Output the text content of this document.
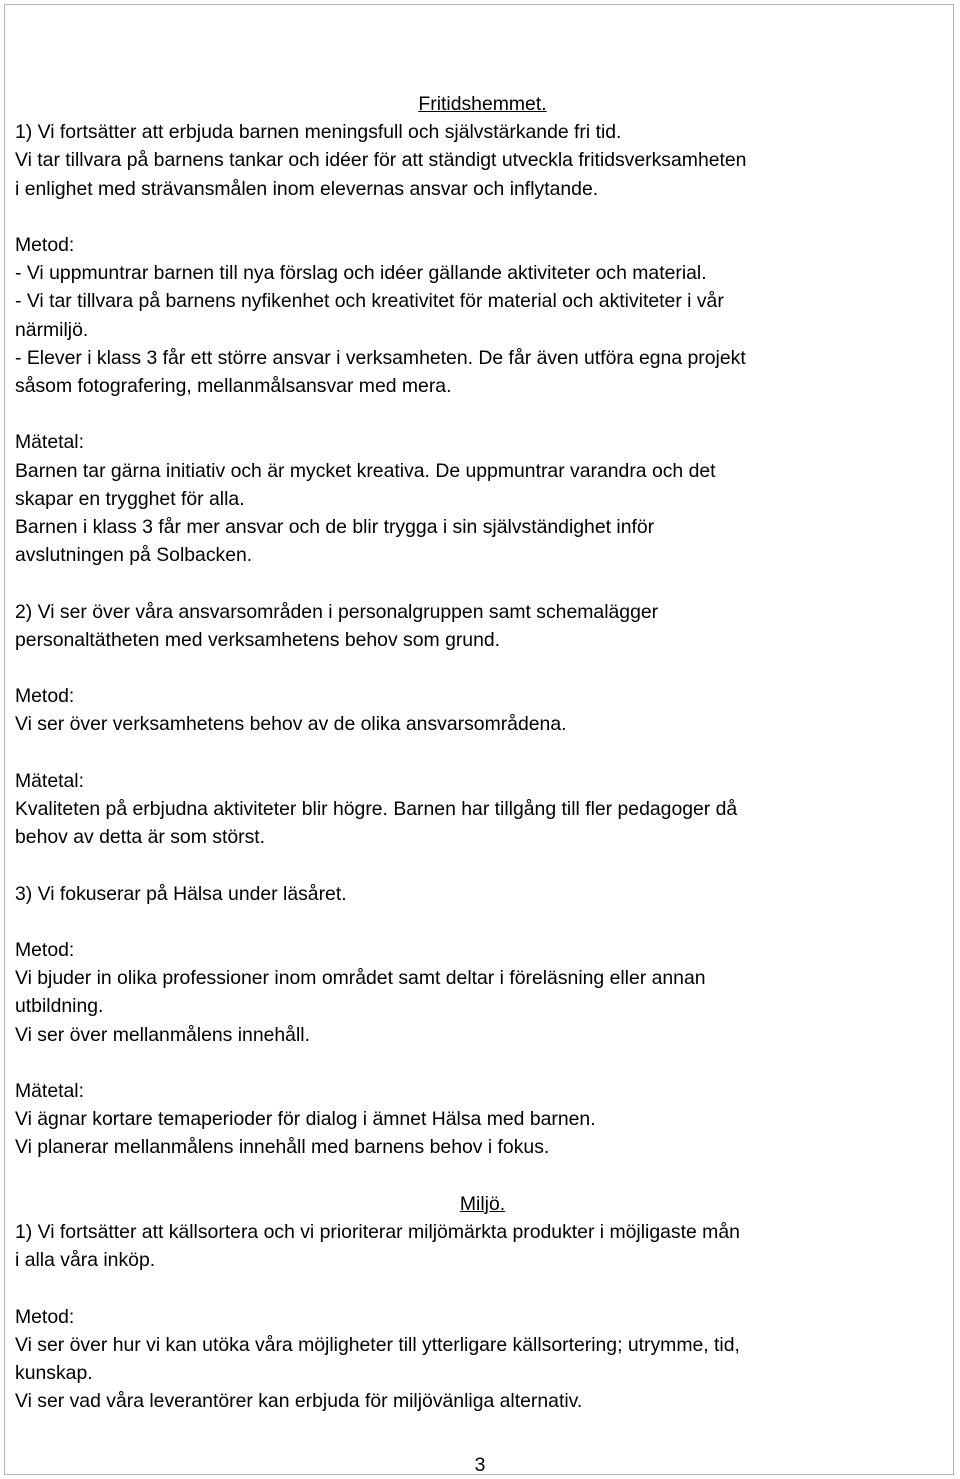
Fritidshemmet.
1) Vi fortsätter att erbjuda barnen meningsfull och självstärkande fri tid.
Vi tar tillvara på barnens tankar och idéer för att ständigt utveckla fritidsverksamheten
i enlighet med strävansmålen inom elevernas ansvar och inflytande.
Metod:
- Vi uppmuntrar barnen till nya förslag och idéer gällande aktiviteter och material.
- Vi tar tillvara på barnens nyfikenhet och kreativitet för material och aktiviteter i vår
närmiljö.
- Elever i klass 3 får ett större ansvar i verksamheten. De får även utföra egna projekt
såsom fotografering, mellanmålsansvar med mera.
Mätetal:
Barnen tar gärna initiativ och är mycket kreativa. De uppmuntrar varandra och det
skapar en trygghet för alla.
Barnen i klass 3 får mer ansvar och de blir trygga i sin självständighet inför
avslutningen på Solbacken.
2) Vi ser över våra ansvarsområden i personalgruppen samt schemalägger
personaltätheten med verksamhetens behov som grund.
Metod:
Vi ser över verksamhetens behov av de olika ansvarsområdena.
Mätetal:
Kvaliteten på erbjudna aktiviteter blir högre. Barnen har tillgång till fler pedagoger då
behov av detta är som störst.
3) Vi fokuserar på Hälsa under läsåret.
Metod:
Vi bjuder in olika professioner inom området samt deltar i föreläsning eller annan
utbildning.
Vi ser över mellanmålens innehåll.
Mätetal:
Vi ägnar kortare temaperioder för dialog i ämnet Hälsa med barnen.
Vi planerar mellanmålens innehåll med barnens behov i fokus.
Miljö.
1) Vi fortsätter att källsortera och vi prioriterar miljömärkta produkter i möjligaste mån
i alla våra inköp.
Metod:
Vi ser över hur vi kan utöka våra möjligheter till ytterligare källsortering; utrymme, tid,
kunskap.
Vi ser vad våra leverantörer kan erbjuda för miljövänliga alternativ.
3
